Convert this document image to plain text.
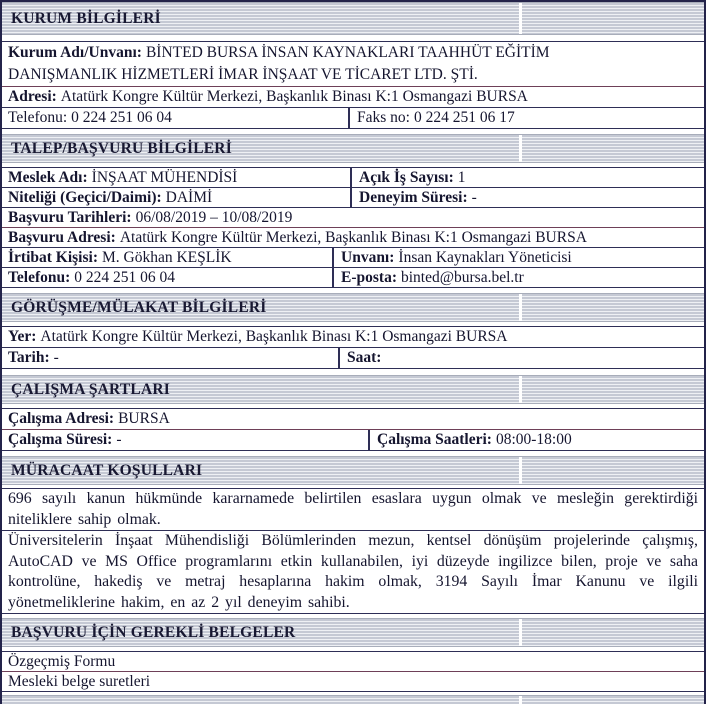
KURUM BİLGİLERİ
Kurum Adı/Unvanı: BİNTED BURSA İNSAN KAYNAKLARI TAAHHÜT EĞİTİM DANIŞMANLIK HİZMETLERİ İMAR İNŞAAT VE TİCARET LTD. ŞTİ.
Adresi: Atatürk Kongre Kültür Merkezi, Başkanlık Binası K:1 Osmangazi BURSA
Telefonu: 0 224 251 06 04	Faks no: 0 224 251 06 17
TALEP/BAŞVURU BİLGİLERİ
Meslek Adı: İNŞAAT MÜHENDİSİ	Açık İş Sayısı: 1
Niteliği (Geçici/Daimi): DAİMİ	Deneyim Süresi: -
Başvuru Tarihleri: 06/08/2019 – 10/08/2019
Başvuru Adresi: Atatürk Kongre Kültür Merkezi, Başkanlık Binası K:1 Osmangazi BURSA
İrtibat Kişisi: M. Gökhan KEŞLİK	Unvanı: İnsan Kaynakları Yöneticisi
Telefonu: 0 224 251 06 04	E-posta: binted@bursa.bel.tr
GÖRÜŞME/MÜLAKAT BİLGİLERİ
Yer: Atatürk Kongre Kültür Merkezi, Başkanlık Binası K:1 Osmangazi BURSA
Tarih: -	Saat:
ÇALIŞMA ŞARTLARI
Çalışma Adresi: BURSA
Çalışma Süresi: -	Çalışma Saatleri: 08:00-18:00
MÜRACAAT KOŞULLARI

696 sayılı kanun hükmünde kararnamede belirtilen esaslara uygun olmak ve mesleğin gerektirdiği niteliklere sahip olmak.

Üniversitelerin İnşaat Mühendisliği Bölümlerinden mezun, kentsel dönüşüm projelerinde çalışmış, AutoCAD ve MS Office programlarını etkin kullanabilen, iyi düzeyde ingilizce bilen, proje ve saha kontrolüne, hakediş ve metraj hesaplarına hakim olmak, 3194 Sayılı İmar Kanunu ve ilgili yönetmeliklerine hakim, en az 2 yıl deneyim sahibi.

BAŞVURU İÇİN GEREKLİ BELGELER
Özgeçmiş Formu
Mesleki belge suretleri
